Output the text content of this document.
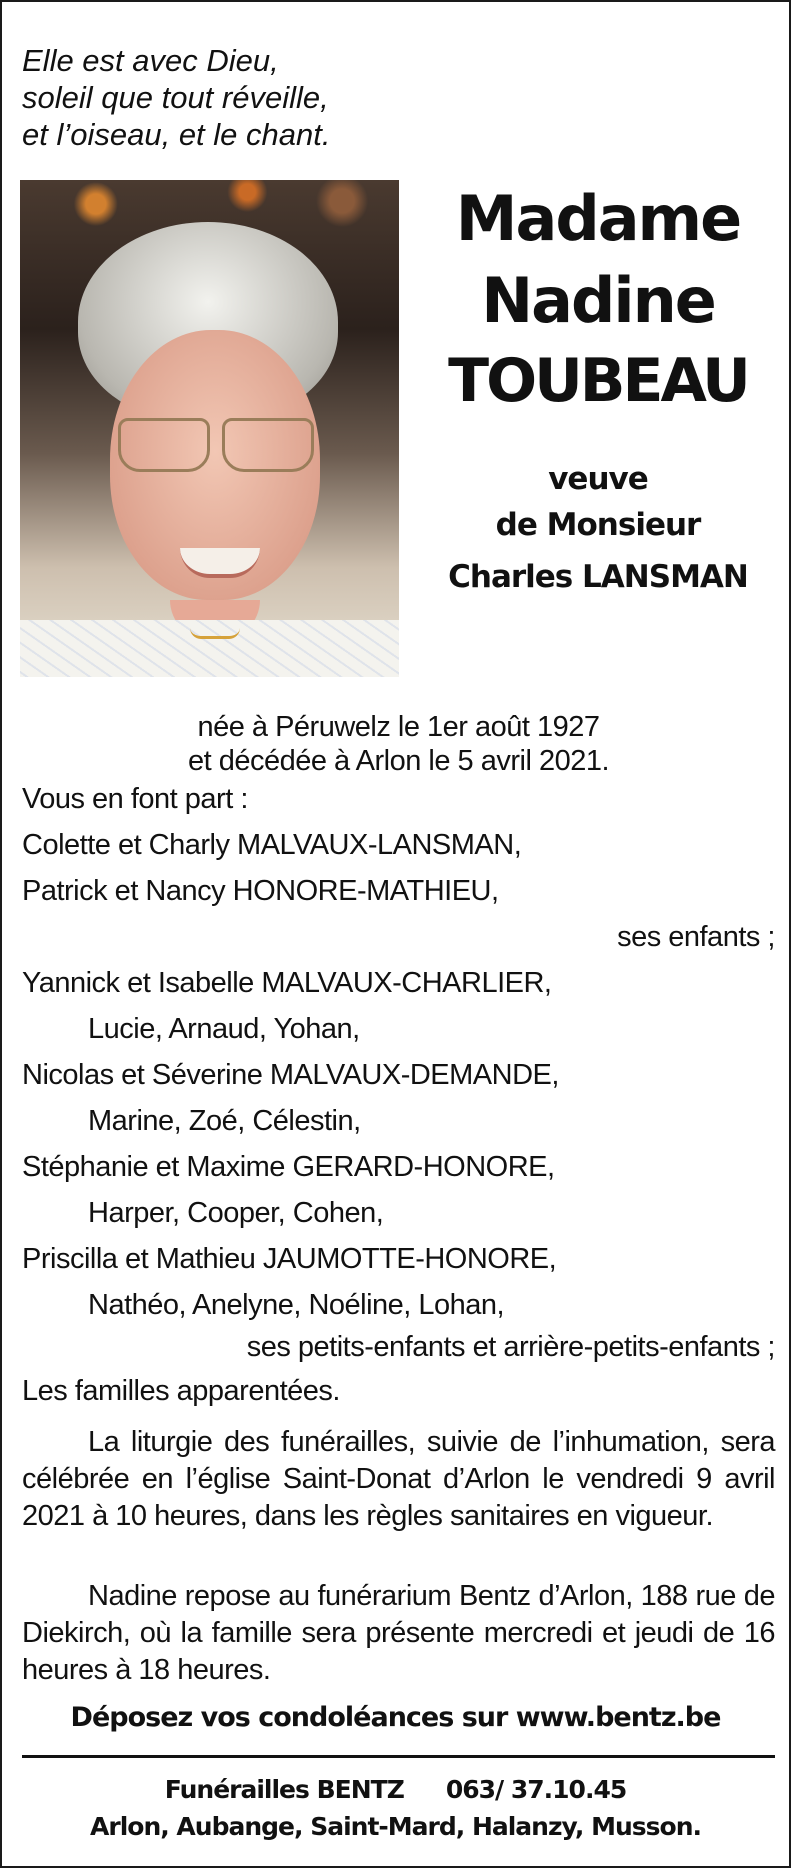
Elle est avec Dieu,
soleil que tout réveille,
et l’oiseau, et le chant.
Madame
Nadine
TOUBEAU
veuve
de Monsieur
Charles LANSMAN
née à Péruwelz le 1er août 1927
et décédée à Arlon le 5 avril 2021.
Vous en font part :
Colette et Charly MALVAUX-LANSMAN,
Patrick et Nancy HONORE-MATHIEU,
ses enfants ;
Yannick et Isabelle MALVAUX-CHARLIER,
Lucie, Arnaud, Yohan,
Nicolas et Séverine MALVAUX-DEMANDE,
Marine, Zoé, Célestin,
Stéphanie et Maxime GERARD-HONORE,
Harper, Cooper, Cohen,
Priscilla et Mathieu JAUMOTTE-HONORE,
Nathéo, Anelyne, Noéline, Lohan,
ses petits-enfants et arrière-petits-enfants ;
Les familles apparentées.
La liturgie des funérailles, suivie de l’inhumation, sera célébrée en l’église Saint-Donat d’Arlon le vendredi 9 avril 2021 à 10 heures, dans les règles sanitaires en vigueur.
Nadine repose au funérarium Bentz d’Arlon, 188 rue de Diekirch, où la famille sera présente mercredi et jeudi de 16 heures à 18 heures.
Déposez vos condoléances sur www.bentz.be
Funérailles BENTZ 063/ 37.10.45
Arlon, Aubange, Saint-Mard, Halanzy, Musson.
